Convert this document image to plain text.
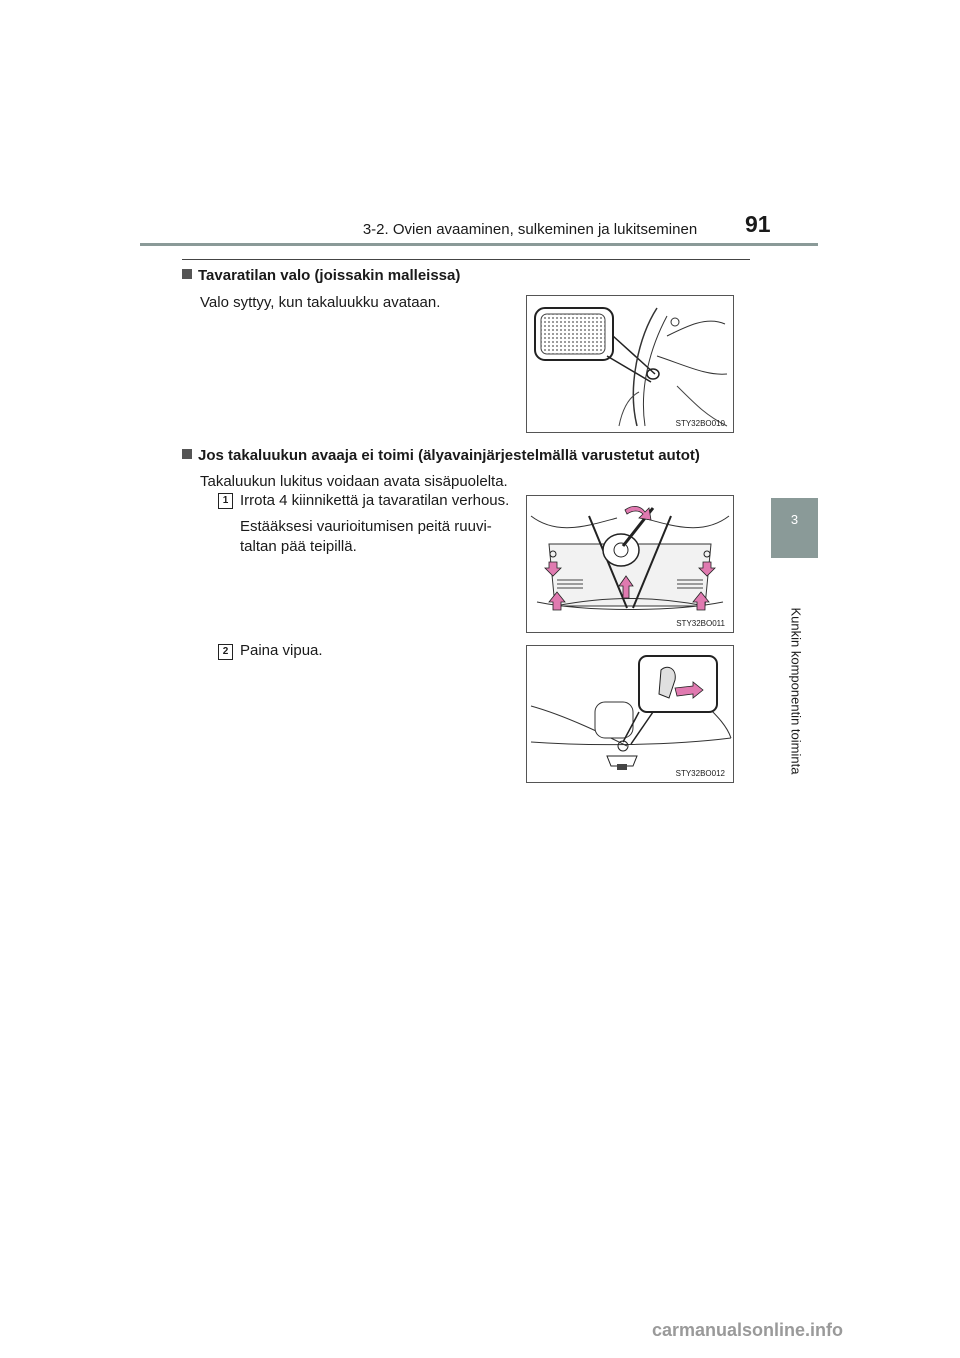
3-2. Ovien avaaminen, sulkeminen ja lukitseminen	91
3
Kunkin komponentin toiminta
Tavaratilan valo (joissakin malleissa)
Valo syttyy, kun takaluukku avataan.
STY32BO010
Jos takaluukun avaaja ei toimi (älyavainjärjestelmällä varustetut autot)
Takaluukun lukitus voidaan avata sisäpuolelta.
1 Irrota 4 kiinnikettä ja tavaratilan verhous.
Estääksesi vaurioitumisen peitä ruuvi-
taltan pää teipillä.
STY32BO011
2 Paina vipua.
STY32BO012
carmanualsonline.info
